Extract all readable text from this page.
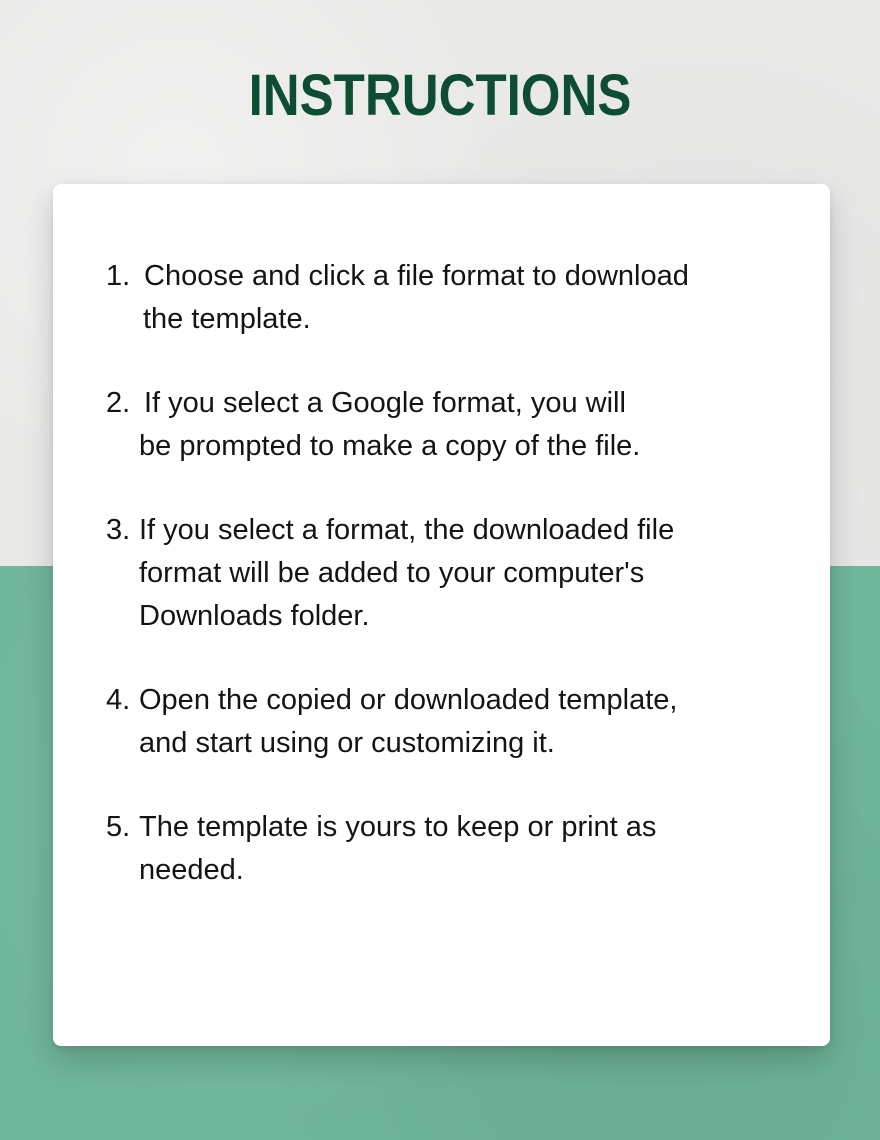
INSTRUCTIONS
1. Choose and click a file format to download
the template.
2. If you select a Google format, you will
be prompted to make a copy of the file.
3. If you select a format, the downloaded file
format will be added to your computer's
Downloads folder.
4. Open the copied or downloaded template,
and start using or customizing it.
5. The template is yours to keep or print as
needed.
